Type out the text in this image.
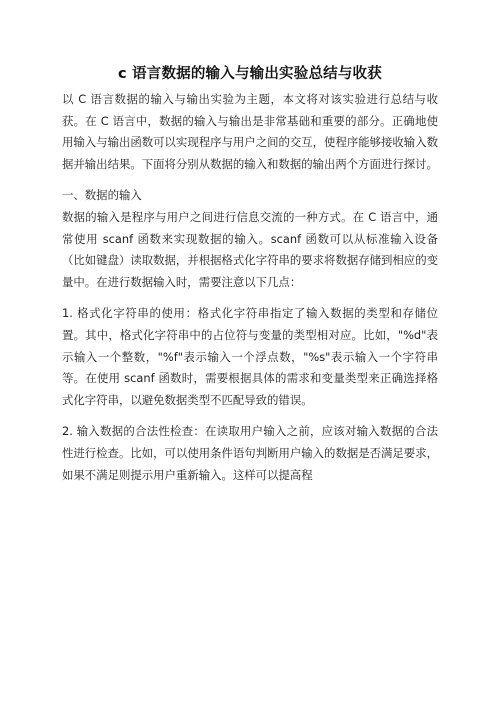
c 语言数据的输入与输出实验总结与收获

以 C 语言数据的输入与输出实验为主题，本文将对该实验进行总结与收获。在 C 语言中，数据的输入与输出是非常基础和重要的部分。正确地使用输入与输出函数可以实现程序与用户之间的交互，使程序能够接收输入数据并输出结果。下面将分别从数据的输入和数据的输出两个方面进行探讨。

一、数据的输入

数据的输入是程序与用户之间进行信息交流的一种方式。在 C 语言中，通常使用 scanf 函数来实现数据的输入。scanf 函数可以从标准输入设备（比如键盘）读取数据，并根据格式化字符串的要求将数据存储到相应的变量中。在进行数据输入时，需要注意以下几点：

1. 格式化字符串的使用：格式化字符串指定了输入数据的类型和存储位置。其中，格式化字符串中的占位符与变量的类型相对应。比如，"%d"表示输入一个整数，"%f"表示输入一个浮点数，"%s"表示输入一个字符串等。在使用 scanf 函数时，需要根据具体的需求和变量类型来正确选择格式化字符串，以避免数据类型不匹配导致的错误。

2. 输入数据的合法性检查：在读取用户输入之前，应该对输入数据的合法性进行检查。比如，可以使用条件语句判断用户输入的数据是否满足要求，如果不满足则提示用户重新输入。这样可以提高程
